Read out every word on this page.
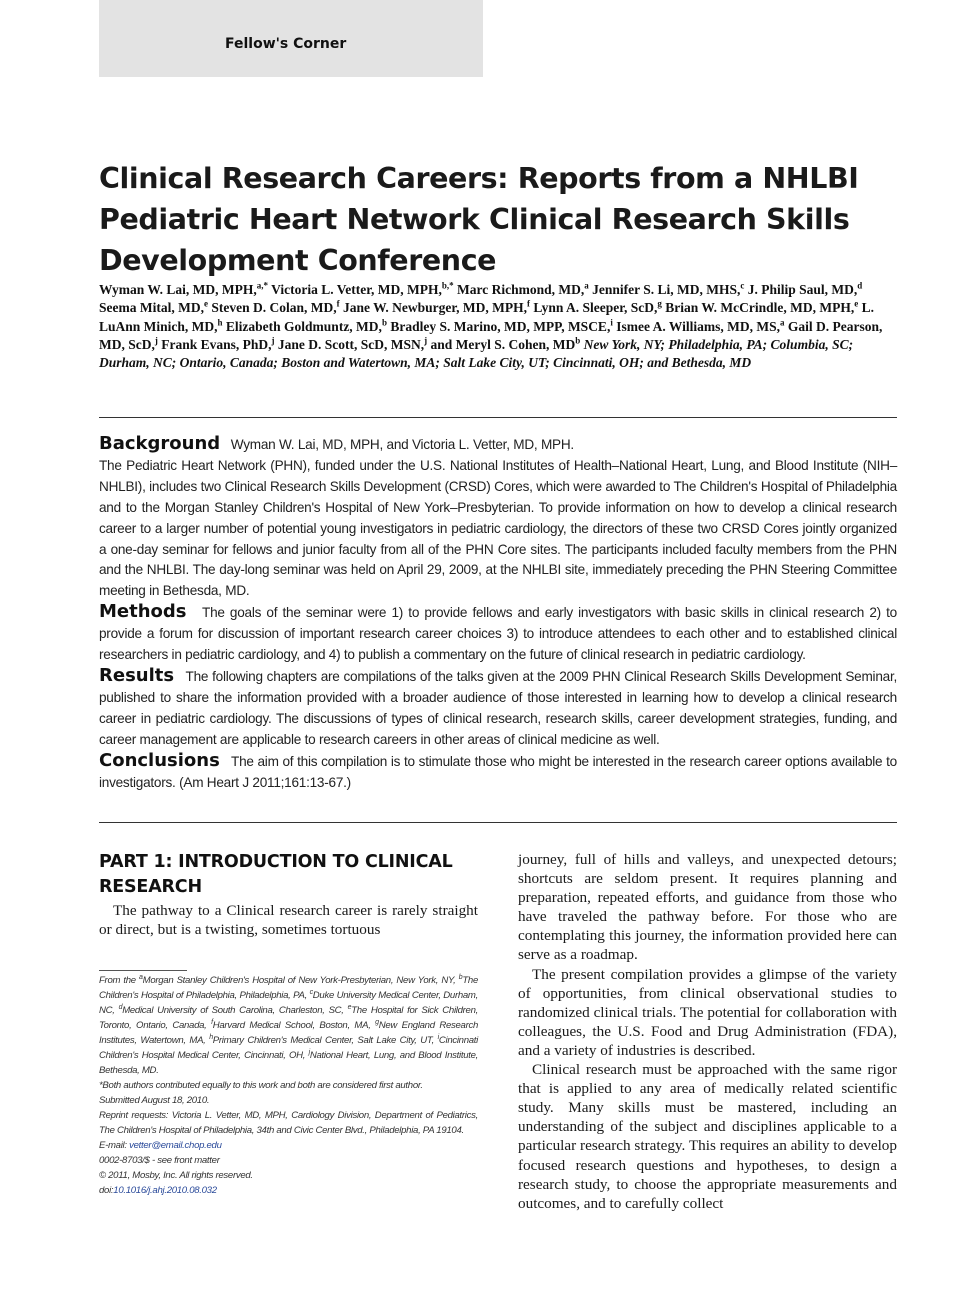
Fellow's Corner
Clinical Research Careers: Reports from a NHLBI Pediatric Heart Network Clinical Research Skills Development Conference
Wyman W. Lai, MD, MPH,$^{a,*}$ Victoria L. Vetter, MD, MPH,$^{b,*}$ Marc Richmond, MD,$^a$ Jennifer S. Li, MD, MHS,$^c$ J. Philip Saul, MD,$^d$ Seema Mital, MD,$^e$ Steven D. Colan, MD,$^f$ Jane W. Newburger, MD, MPH,$^f$ Lynn A. Sleeper, ScD,$^g$ Brian W. McCrindle, MD, MPH,$^e$ L. LuAnn Minich, MD,$^h$ Elizabeth Goldmuntz, MD,$^b$ Bradley S. Marino, MD, MPP, MSCE,$^i$ Ismee A. Williams, MD, MS,$^a$ Gail D. Pearson, MD, ScD,$^j$ Frank Evans, PhD,$^j$ Jane D. Scott, ScD, MSN,$^j$ and Meryl S. Cohen, $MD^b$ New York, NY; Philadelphia, PA; Columbia, SC; Durham, NC; Ontario, Canada; Boston and Watertown, MA; Salt Lake City, UT; Cincinnati, OH; and Bethesda, MD

Background Wyman W. Lai, MD, MPH, and Victoria L. Vetter, MD, MPH.

The Pediatric Heart Network (PHN), funded under the U.S. National Institutes of Health–National Heart, Lung, and Blood Institute (NIH–NHLBI), includes two Clinical Research Skills Development (CRSD) Cores, which were awarded to The Children's Hospital of Philadelphia and to the Morgan Stanley Children's Hospital of New York–Presbyterian. To provide information on how to develop a clinical research career to a larger number of potential young investigators in pediatric cardiology, the directors of these two CRSD Cores jointly organized a one-day seminar for fellows and junior faculty from all of the PHN Core sites. The participants included faculty members from the PHN and the NHLBI. The day-long seminar was held on April 29, 2009, at the NHLBI site, immediately preceding the PHN Steering Committee meeting in Bethesda, MD.

Methods The goals of the seminar were 1) to provide fellows and early investigators with basic skills in clinical research 2) to provide a forum for discussion of important research career choices 3) to introduce attendees to each other and to established clinical researchers in pediatric cardiology, and 4) to publish a commentary on the future of clinical research in pediatric cardiology.

Results The following chapters are compilations of the talks given at the 2009 PHN Clinical Research Skills Development Seminar, published to share the information provided with a broader audience of those interested in learning how to develop a clinical research career in pediatric cardiology. The discussions of types of clinical research, research skills, career development strategies, funding, and career management are applicable to research careers in other areas of clinical medicine as well.

Conclusions The aim of this compilation is to stimulate those who might be interested in the research career options available to investigators. (Am Heart J 2011;161:13-67.)

PART 1: INTRODUCTION TO CLINICAL RESEARCH

The pathway to a Clinical research career is rarely straight or direct, but is a twisting, sometimes tortuous

From the $^a$Morgan Stanley Children's Hospital of New York-Presbyterian, New York, NY, $^b$The Children's Hospital of Philadelphia, Philadelphia, PA, $^c$Duke University Medical Center, Durham, NC, $^d$Medical University of South Carolina, Charleston, SC, $^e$The Hospital for Sick Children, Toronto, Ontario, Canada, $^f$Harvard Medical School, Boston, MA, $^g$New England Research Institutes, Watertown, MA, $^h$Primary Children's Medical Center, Salt Lake City, UT, $^i$Cincinnati Children's Hospital Medical Center, Cincinnati, OH, $^j$National Heart, Lung, and Blood Institute, Bethesda, MD.

*Both authors contributed equally to this work and both are considered first author.

Submitted August 18, 2010.

Reprint requests: Victoria L. Vetter, MD, MPH, Cardiology Division, Department of Pediatrics, The Children's Hospital of Philadelphia, 34th and Civic Center Blvd., Philadelphia, PA 19104.

E-mail: vetter@email.chop.edu

0002-8703/$ - see front matter

© 2011, Mosby, Inc. All rights reserved.

doi:10.1016/j.ahj.2010.08.032

journey, full of hills and valleys, and unexpected detours; shortcuts are seldom present. It requires planning and preparation, repeated efforts, and guidance from those who have traveled the pathway before. For those who are contemplating this journey, the information provided here can serve as a roadmap.

The present compilation provides a glimpse of the variety of opportunities, from clinical observational studies to randomized clinical trials. The potential for collaboration with colleagues, the U.S. Food and Drug Administration (FDA), and a variety of industries is described.

Clinical research must be approached with the same rigor that is applied to any area of medically related scientific study. Many skills must be mastered, including an understanding of the subject and disciplines applicable to a particular research strategy. This requires an ability to develop focused research questions and hypotheses, to design a research study, to choose the appropriate measurements and outcomes, and to carefully collect
